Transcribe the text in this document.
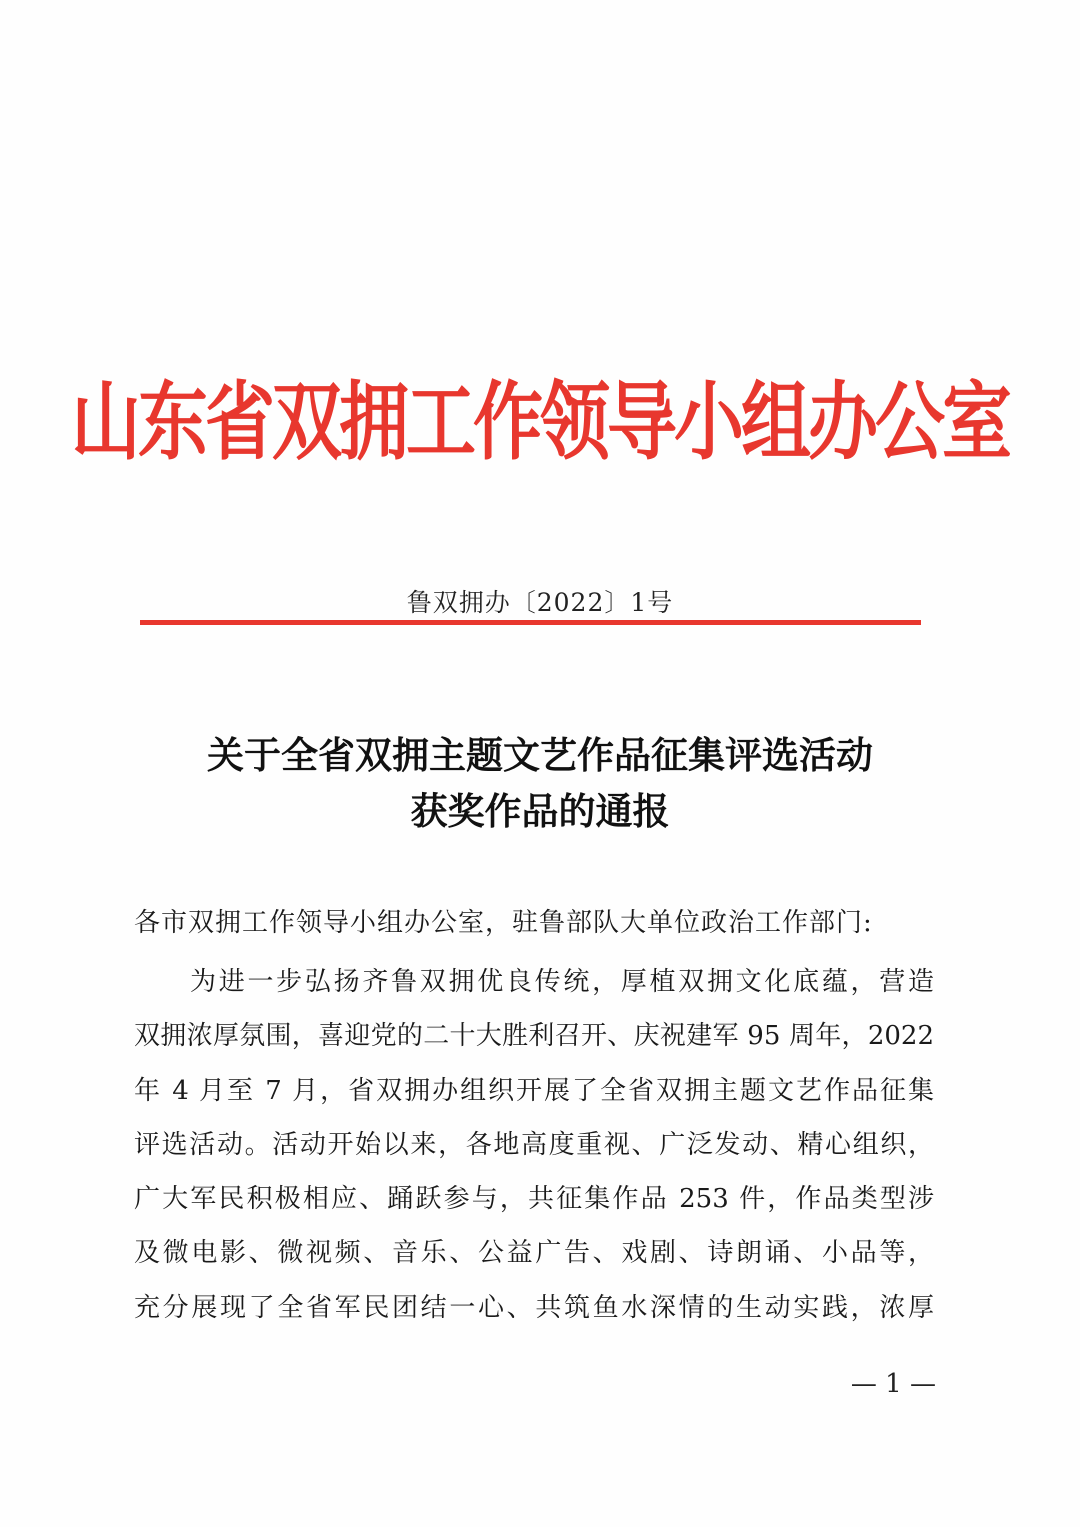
山东省双拥工作领导小组办公室
鲁双拥办〔2022〕1号
关于全省双拥主题文艺作品征集评选活动
获奖作品的通报
各市双拥工作领导小组办公室，驻鲁部队大单位政治工作部门:
为进一步弘扬齐鲁双拥优良传统，厚植双拥文化底蕴，营造
双拥浓厚氛围，喜迎党的二十大胜利召开、庆祝建军 95 周年，2022
年 4 月至 7 月，省双拥办组织开展了全省双拥主题文艺作品征集
评选活动。活动开始以来，各地高度重视、广泛发动、精心组织，
广大军民积极相应、踊跃参与，共征集作品 253 件，作品类型涉
及微电影、微视频、音乐、公益广告、戏剧、诗朗诵、小品等，
充分展现了全省军民团结一心、共筑鱼水深情的生动实践，浓厚
— 1 —
